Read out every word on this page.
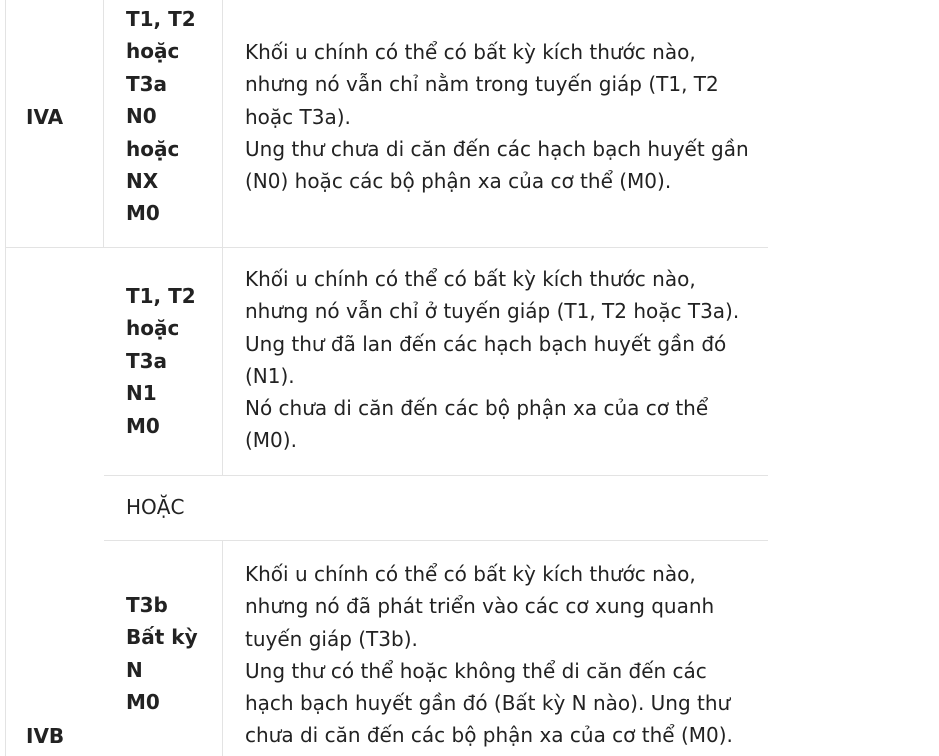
IVA
T1, T2
hoặc
T3a
N0
hoặc
NX
M0
Khối u chính có thể có bất kỳ kích thước nào,
nhưng nó vẫn chỉ nằm trong tuyến giáp (T1, T2
hoặc T3a).
Ung thư chưa di căn đến các hạch bạch huyết gần
(N0) hoặc các bộ phận xa của cơ thể (M0).
T1, T2
hoặc
T3a
N1
M0
Khối u chính có thể có bất kỳ kích thước nào,
nhưng nó vẫn chỉ ở tuyến giáp (T1, T2 hoặc T3a).
Ung thư đã lan đến các hạch bạch huyết gần đó
(N1).
Nó chưa di căn đến các bộ phận xa của cơ thể
(M0).
HOẶC
T3b
Bất kỳ
N
M0
Khối u chính có thể có bất kỳ kích thước nào,
nhưng nó đã phát triển vào các cơ xung quanh
tuyến giáp (T3b).
Ung thư có thể hoặc không thể di căn đến các
hạch bạch huyết gần đó (Bất kỳ N nào). Ung thư
chưa di căn đến các bộ phận xa của cơ thể (M0).
IVB
